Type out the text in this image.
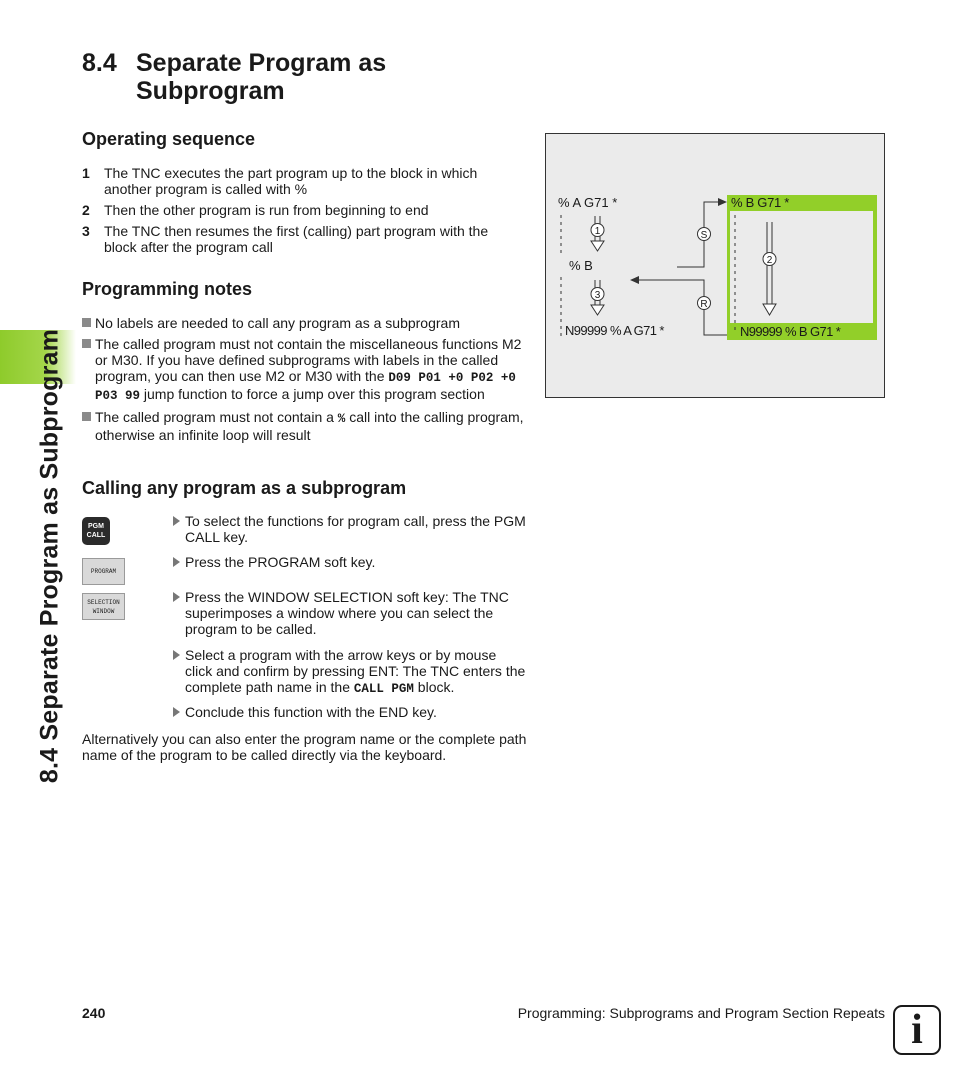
8.4 Separate Program as Subprogram
8.4 Separate Program as
Subprogram
Operating sequence
1	The TNC executes the part program up to the block in which another program is called with %
2	Then the other program is run from beginning to end
3	The TNC then resumes the first (calling) part program with the block after the program call
Programming notes
No labels are needed to call any program as a subprogram
The called program must not contain the miscellaneous functions M2 or M30. If you have defined subprograms with labels in the called program, you can then use M2 or M30 with the D09 P01 +0 P02 +0 P03 99 jump function to force a jump over this program section
The called program must not contain a % call into the calling program, otherwise an infinite loop will result
Calling any program as a subprogram
PGM
CALL
PROGRAM
SELECTION
WINDOW
To select the functions for program call, press the PGM CALL key.
Press the PROGRAM soft key.
Press the WINDOW SELECTION soft key: The TNC superimposes a window where you can select the program to be called.
Select a program with the arrow keys or by mouse click and confirm by pressing ENT: The TNC enters the complete path name in the CALL PGM block.
Conclude this function with the END key.
Alternatively you can also enter the program name or the complete path name of the program to be called directly via the keyboard.
% A G71 *
% B
N99999 % A G71 *
% B G71 *
N99999 % B G71 *
1
3
2
S
R
240	Programming: Subprograms and Program Section Repeats i
